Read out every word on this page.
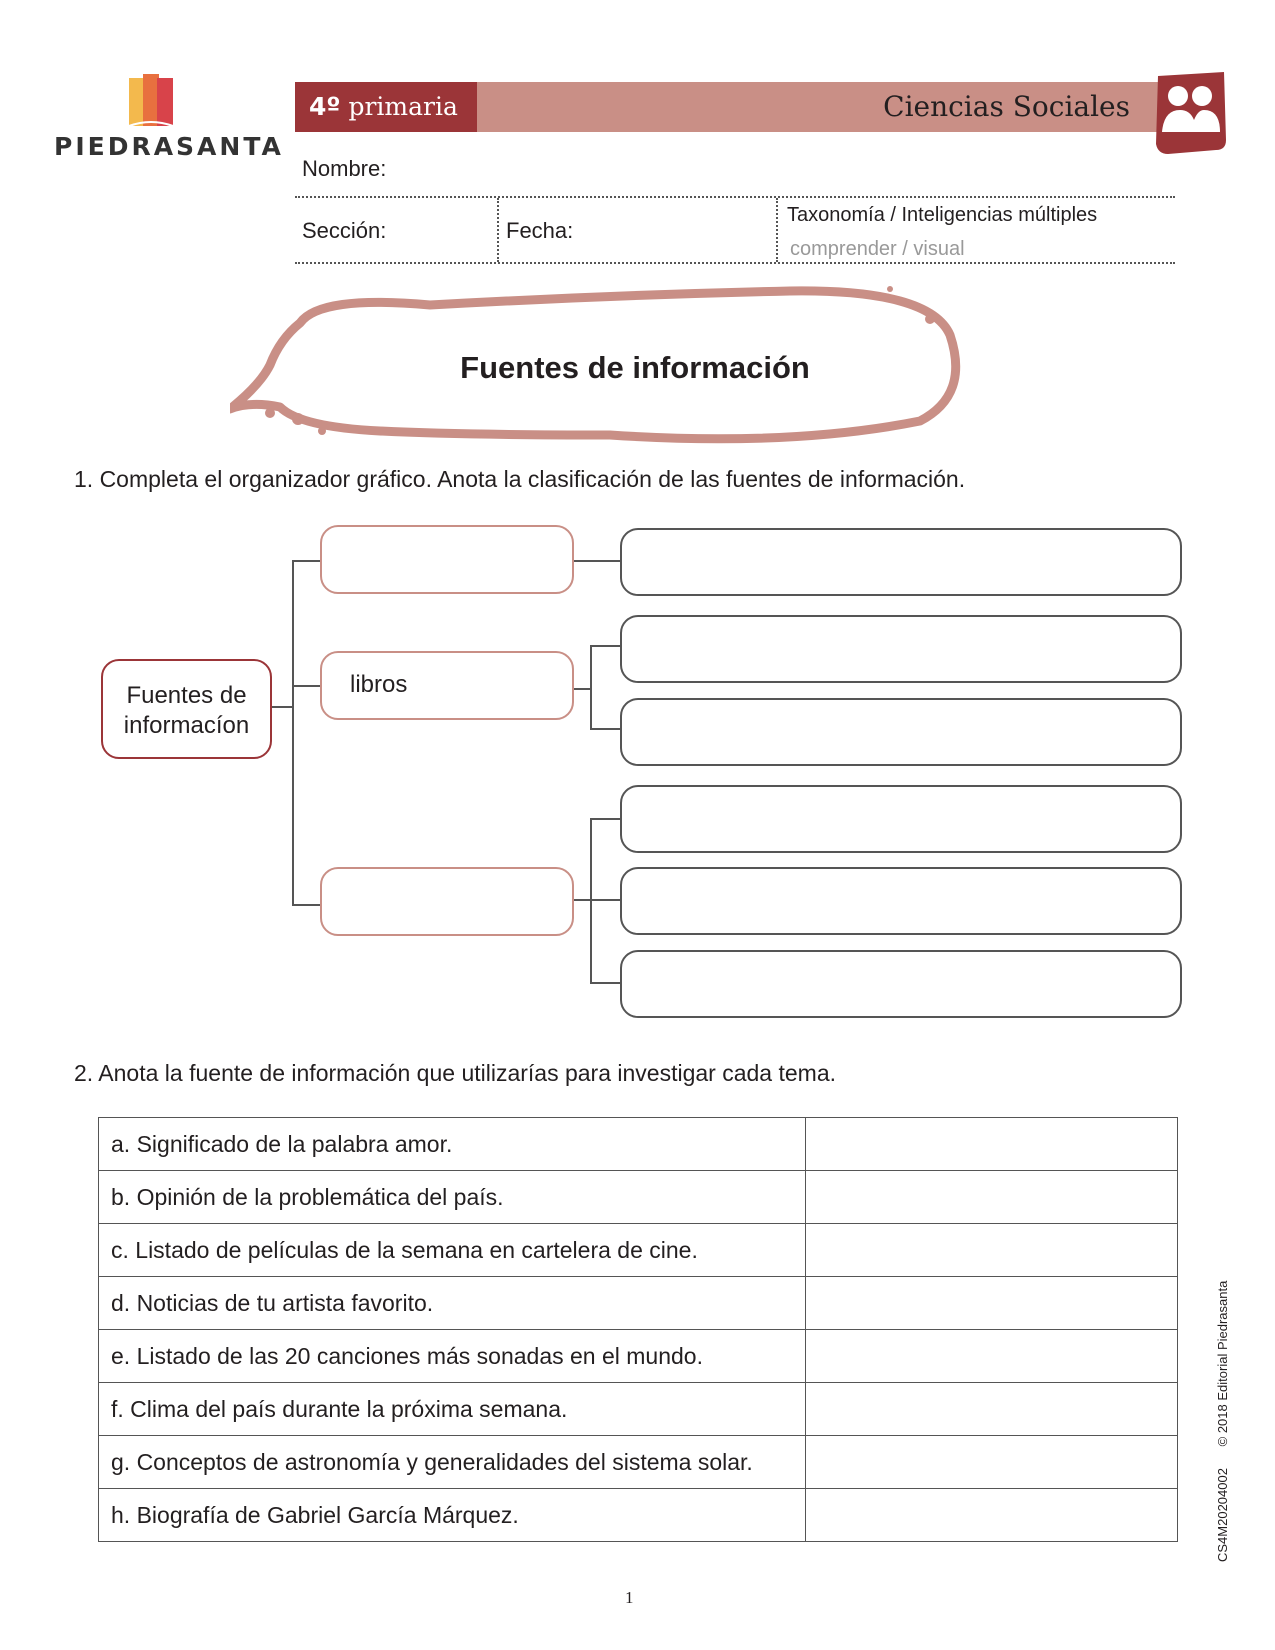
PIEDRASANTA
4º primaria	Ciencias Sociales
Nombre:
Sección:	Fecha:
Taxonomía / Inteligencias múltiples
comprender / visual
Fuentes de información
1. Completa el organizador gráfico. Anota la clasificación de las fuentes de información.
Fuentes de
informacíon
libros
2. Anota la fuente de información que utilizarías para investigar cada tema.
a. Significado de la palabra amor.	
b. Opinión de la problemática del país.	
c. Listado de películas de la semana en cartelera de cine.	
d. Noticias de tu artista favorito.	
e. Listado de las 20 canciones más sonadas en el mundo.	
f. Clima del país durante la próxima semana.	
g. Conceptos de astronomía y generalidades del sistema solar.	
h. Biografía de Gabriel García Márquez.		CS4M20204002      © 2018 Editorial Piedrasanta
1
